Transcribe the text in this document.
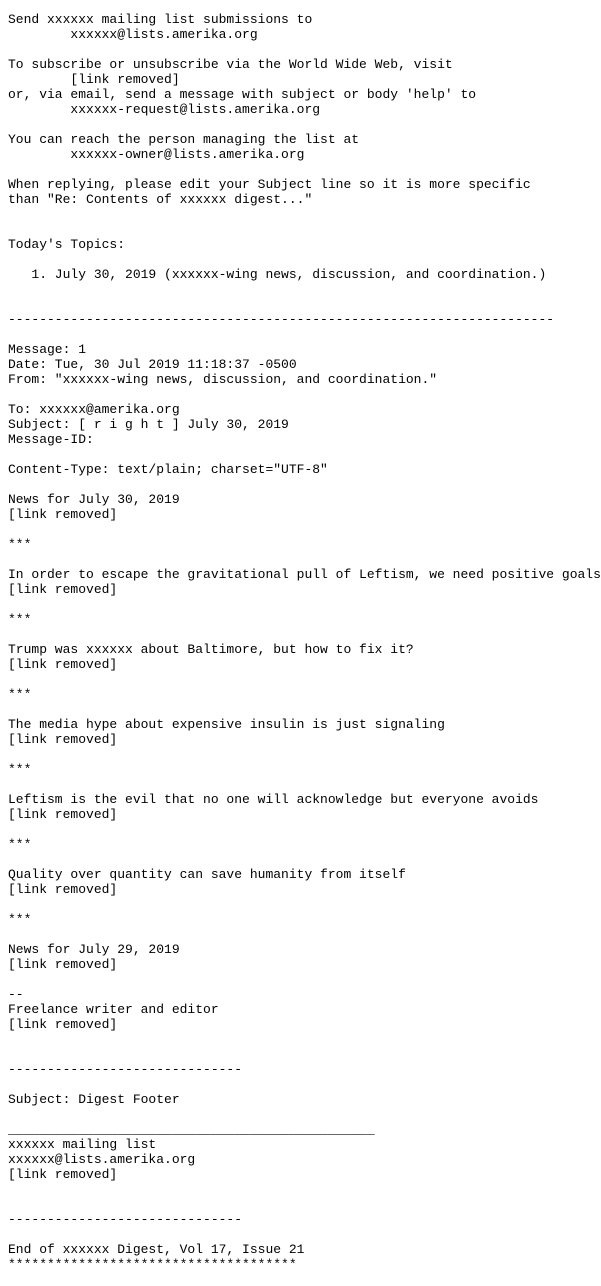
Send xxxxxx mailing list submissions to
xxxxxx@lists.amerika.org
To subscribe or unsubscribe via the World Wide Web, visit
[link removed]
or, via email, send a message with subject or body 'help' to
xxxxxx-request@lists.amerika.org
You can reach the person managing the list at
xxxxxx-owner@lists.amerika.org
When replying, please edit your Subject line so it is more specific
than "Re: Contents of xxxxxx digest..."
Today's Topics:
1. July 30, 2019 (xxxxxx-wing news, discussion, and coordination.)
----------------------------------------------------------------------
Message: 1
Date: Tue, 30 Jul 2019 11:18:37 -0500
From: "xxxxxx-wing news, discussion, and coordination."
To: xxxxxx@amerika.org
Subject: [ r i g h t ] July 30, 2019
Message-ID:
Content-Type: text/plain; charset="UTF-8"
News for July 30, 2019
[link removed]
***
In order to escape the gravitational pull of Leftism, we need positive goals
[link removed]
***
Trump was xxxxxx about Baltimore, but how to fix it?
[link removed]
***
The media hype about expensive insulin is just signaling
[link removed]
***
Leftism is the evil that no one will acknowledge but everyone avoids
[link removed]
***
Quality over quantity can save humanity from itself
[link removed]
***
News for July 29, 2019
[link removed]
--
Freelance writer and editor
[link removed]
------------------------------
Subject: Digest Footer
_______________________________________________
xxxxxx mailing list
xxxxxx@lists.amerika.org
[link removed]
------------------------------
End of xxxxxx Digest, Vol 17, Issue 21
*************************************
